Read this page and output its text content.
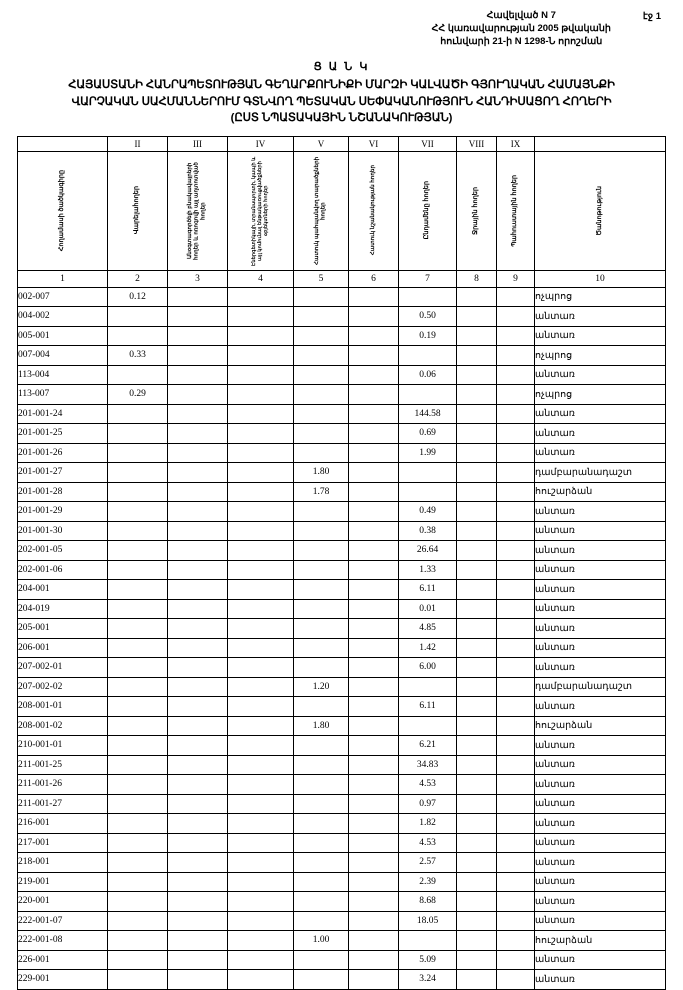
Հավելված N 7
ՀՀ կառավարության 2005 թվականի
հունվարի 21-ի N 1298-Ն որոշման
էջ 1
Ց Ա Ն Կ
ՀԱՅԱՍՏԱՆԻ ՀԱՆՐԱՊԵՏՈՒԹՅԱՆ ԳԵՂԱՐՔՈՒՆԻՔԻ ՄԱՐԶԻ ԿԱԼՎԱԾԻ ԳՅՈՒՂԱԿԱՆ ՀԱՄԱՅՆՔԻ
ՎԱՐՉԱԿԱՆ ՍԱՀՄԱՆՆԵՐՈՒՄ ԳՏՆՎՈՂ ՊԵՏԱԿԱՆ ՍԵՓԱԿԱՆՈՒԹՅՈՒՆ ՀԱՆԴԻՍԱՑՈՂ ՀՈՂԵՐԻ
(ԸՍՏ ՆՊԱՏԱԿԱՅԻՆ ՆՇԱՆԱԿՈՒԹՅԱՆ)
	II	III	IV	V	VI	VII	VIII	IX	

Հողամասի ծածկագիրը	Վարելահողեր	Անօգտագործելի բնակավայրերի հողեր և ոռոգովի այլ աղտոտված հողեր	Էներգետիկայի, տրանսպորտի, կապի և այլ կոմունալ ենթակառուցվածքների օբյեկտների հողեր	Հատուկ պահպանվող տարածքների հողեր	Հատուկ նշանակության հողեր	Ընդամենը հողեր	Ջրային հողեր	Պահուստային հողեր	Ծանոթություն

1	2	3	4	5	6	7	8	9	10
002-007	0.12								ոչպրոց
004-002						0.50			անտառ
005-001						0.19			անտառ
007-004	0.33								ոչպրոց
113-004						0.06			անտառ
113-007	0.29								ոչպրոց
201-001-24						144.58			անտառ
201-001-25						0.69			անտառ
201-001-26						1.99			անտառ
201-001-27				1.80					դամբարանադաշտ
201-001-28				1.78					հուշարձան
201-001-29						0.49			անտառ
201-001-30						0.38			անտառ
202-001-05						26.64			անտառ
202-001-06						1.33			անտառ
204-001						6.11			անտառ
204-019						0.01			անտառ
205-001						4.85			անտառ
206-001						1.42			անտառ
207-002-01						6.00			անտառ
207-002-02				1.20					դամբարանադաշտ
208-001-01						6.11			անտառ
208-001-02				1.80					հուշարձան
210-001-01						6.21			անտառ
211-001-25						34.83			անտառ
211-001-26						4.53			անտառ
211-001-27						0.97			անտառ
216-001						1.82			անտառ
217-001						4.53			անտառ
218-001						2.57			անտառ
219-001						2.39			անտառ
220-001						8.68			անտառ
222-001-07						18.05			անտառ
222-001-08				1.00					հուշարձան
226-001						5.09			անտառ
229-001						3.24			անտառ
